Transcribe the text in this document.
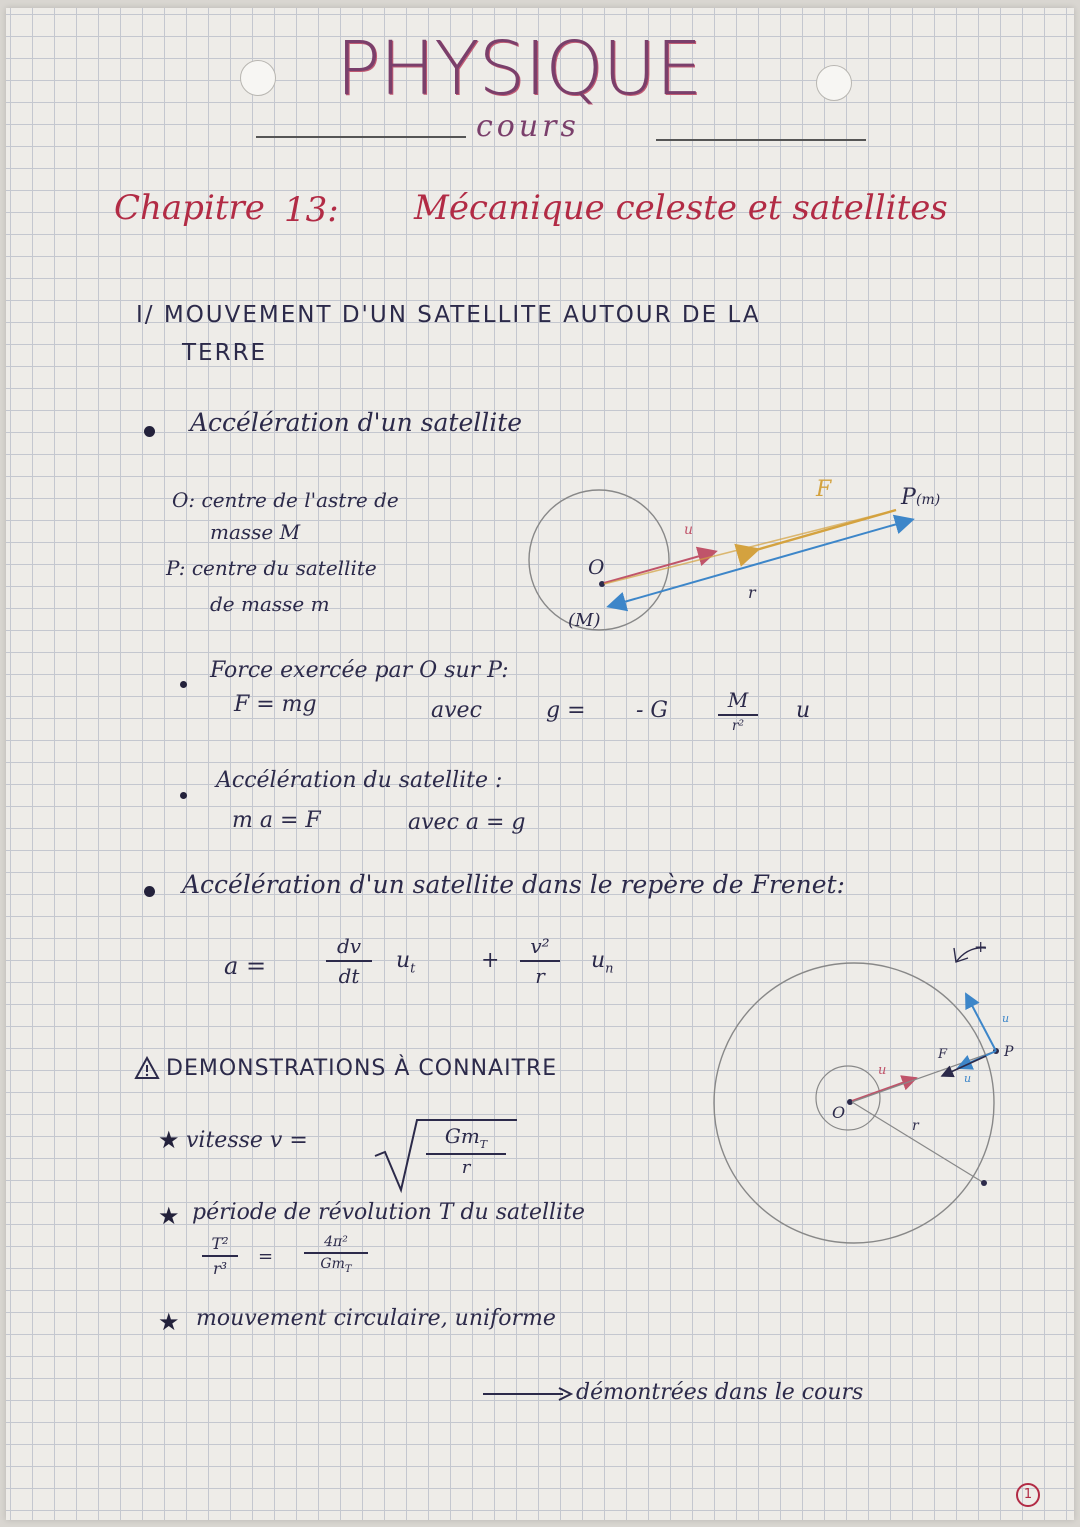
PHYSIQUE
cours
Chapitre 13: Mécanique celeste et satellites
I/ MOUVEMENT D'UN SATELLITE AUTOUR DE LA
TERRE
Accélération d'un satellite
O: centre de l'astre de
masse M
P: centre du satellite
de masse m
O
(M)
P (m)
F
u
r
Force exercée par O sur P:
F = mg	avec	g = - G	M
r²
u
Accélération du satellite :
m a = F	avec a = g
Accélération d'un satellite dans le repère de Frenet:
a =
dv
dt
$u_t$	+
v²
r
$u_n$
DEMONSTRATIONS À CONNAITRE
★ vitesse v =	$Gm_T$
r
★ période de révolution T du satellite
T²
r³
=
4π²
$Gm_T$
★ mouvement circulaire, uniforme
démontrées dans le cours
O
u
r
P
u
u
F
+
1
